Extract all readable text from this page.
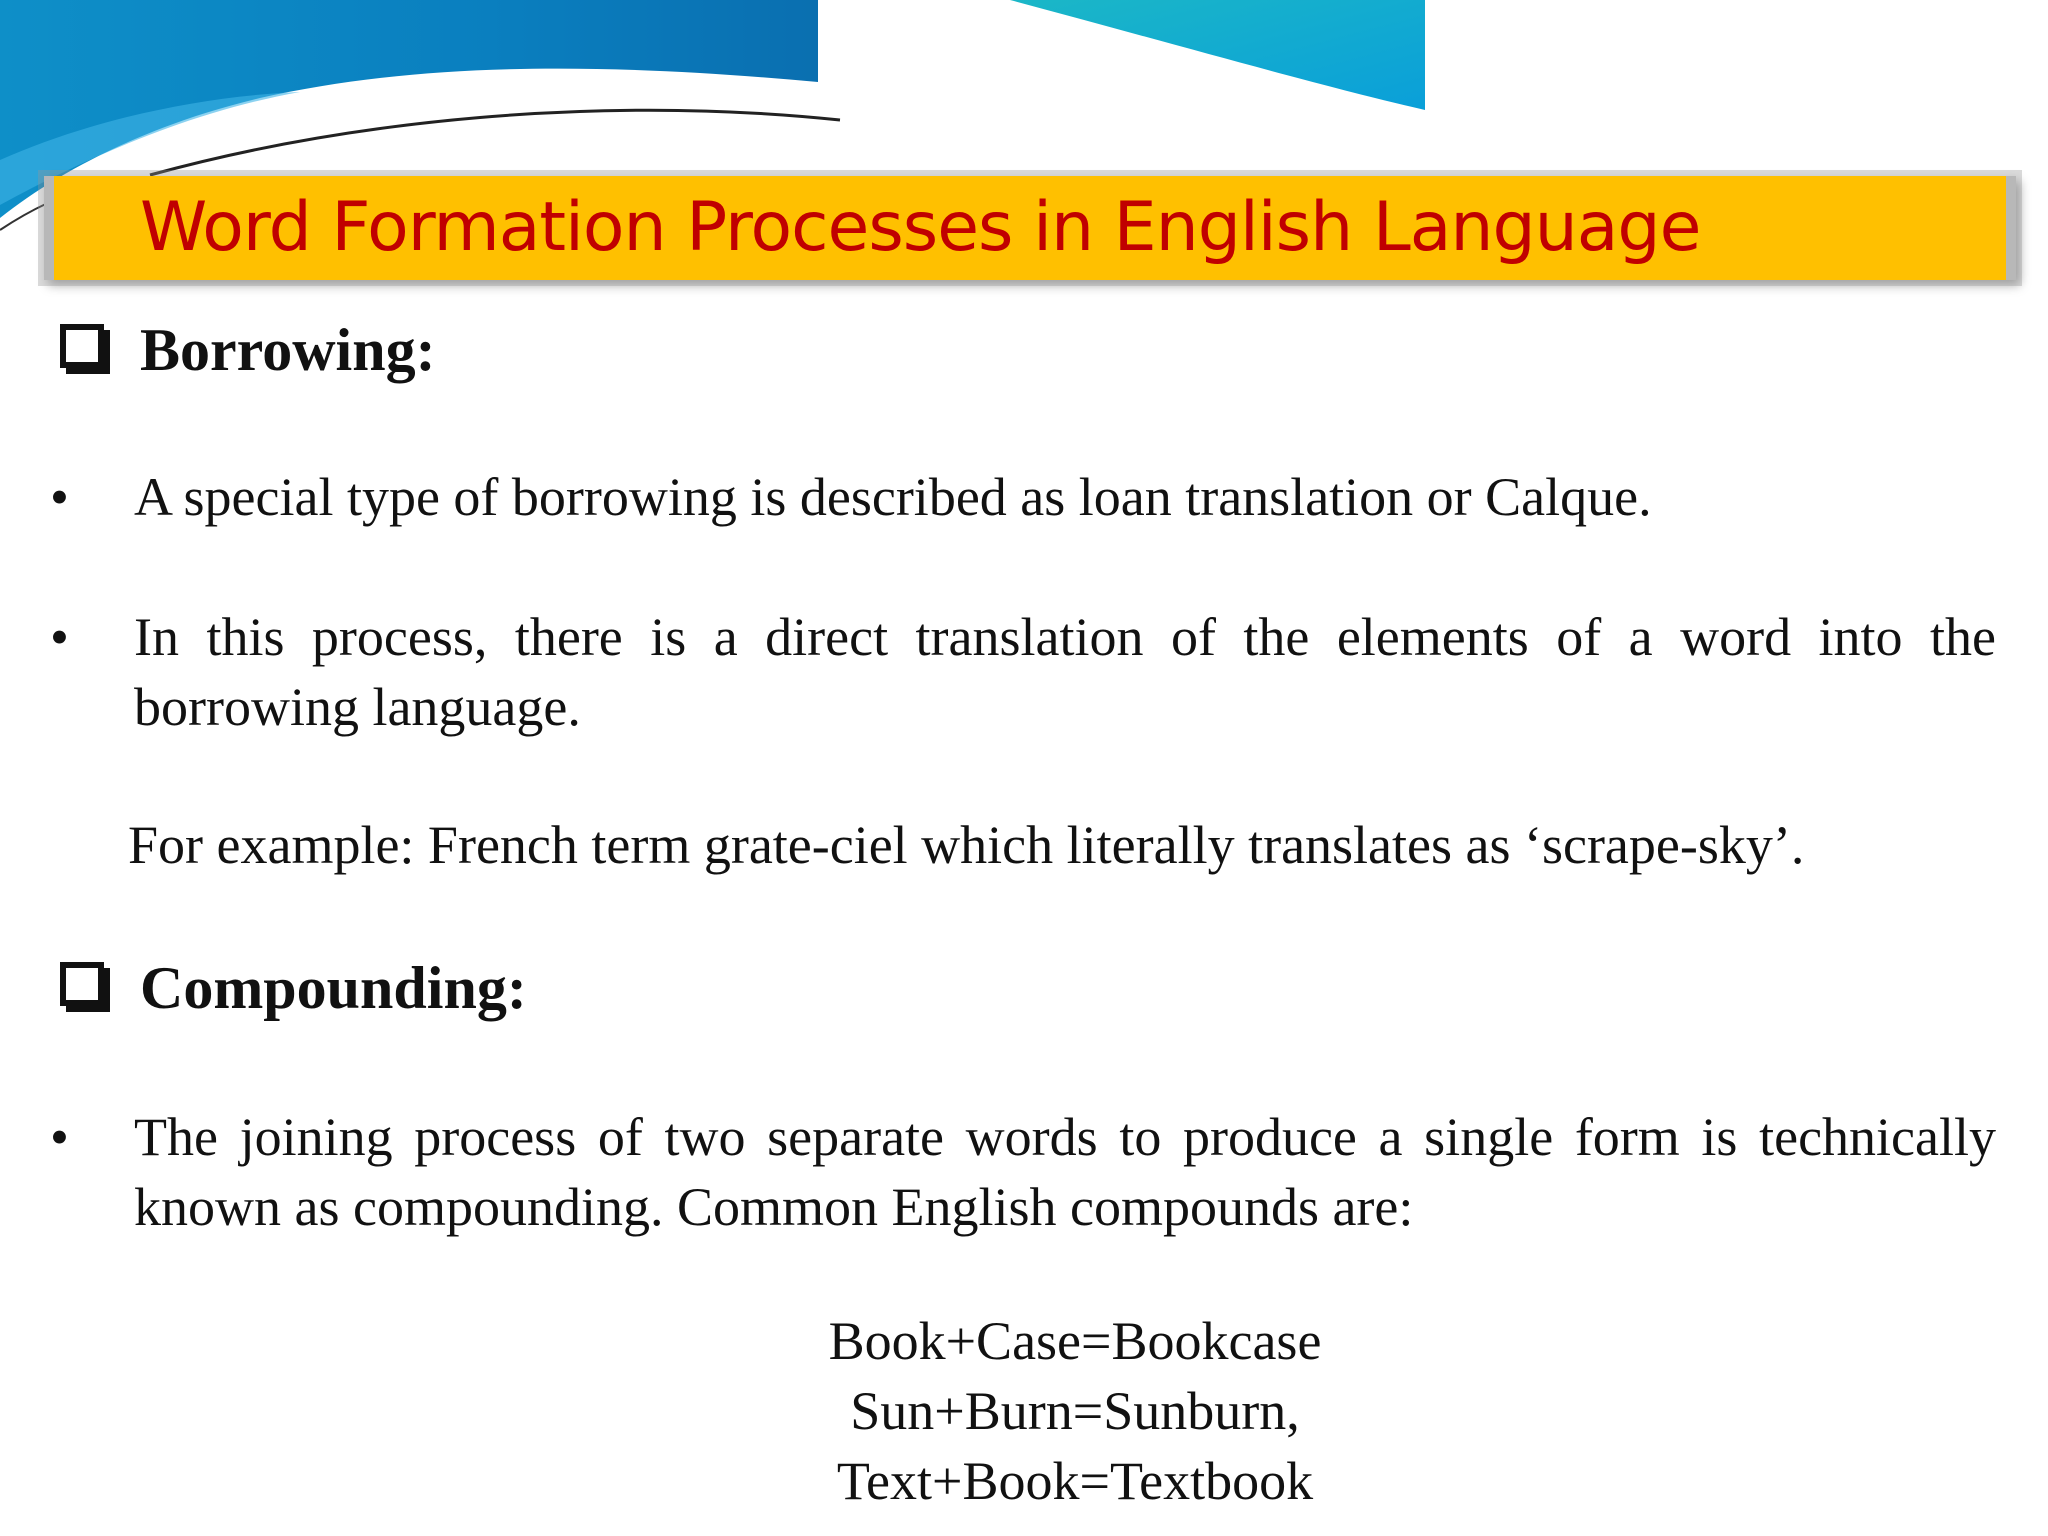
Word Formation Processes in English Language
Borrowing:
•	A special type of borrowing is described as loan translation or Calque.
•	In this process, there is a direct translation of the elements of a word into the borrowing language.
For example: French term grate-ciel which literally translates as ‘scrape-sky’.
Compounding:
•	The joining process of two separate words to produce a single form is technically known as compounding. Common English compounds are:
Book+Case=Bookcase
Sun+Burn=Sunburn,
Text+Book=Textbook
